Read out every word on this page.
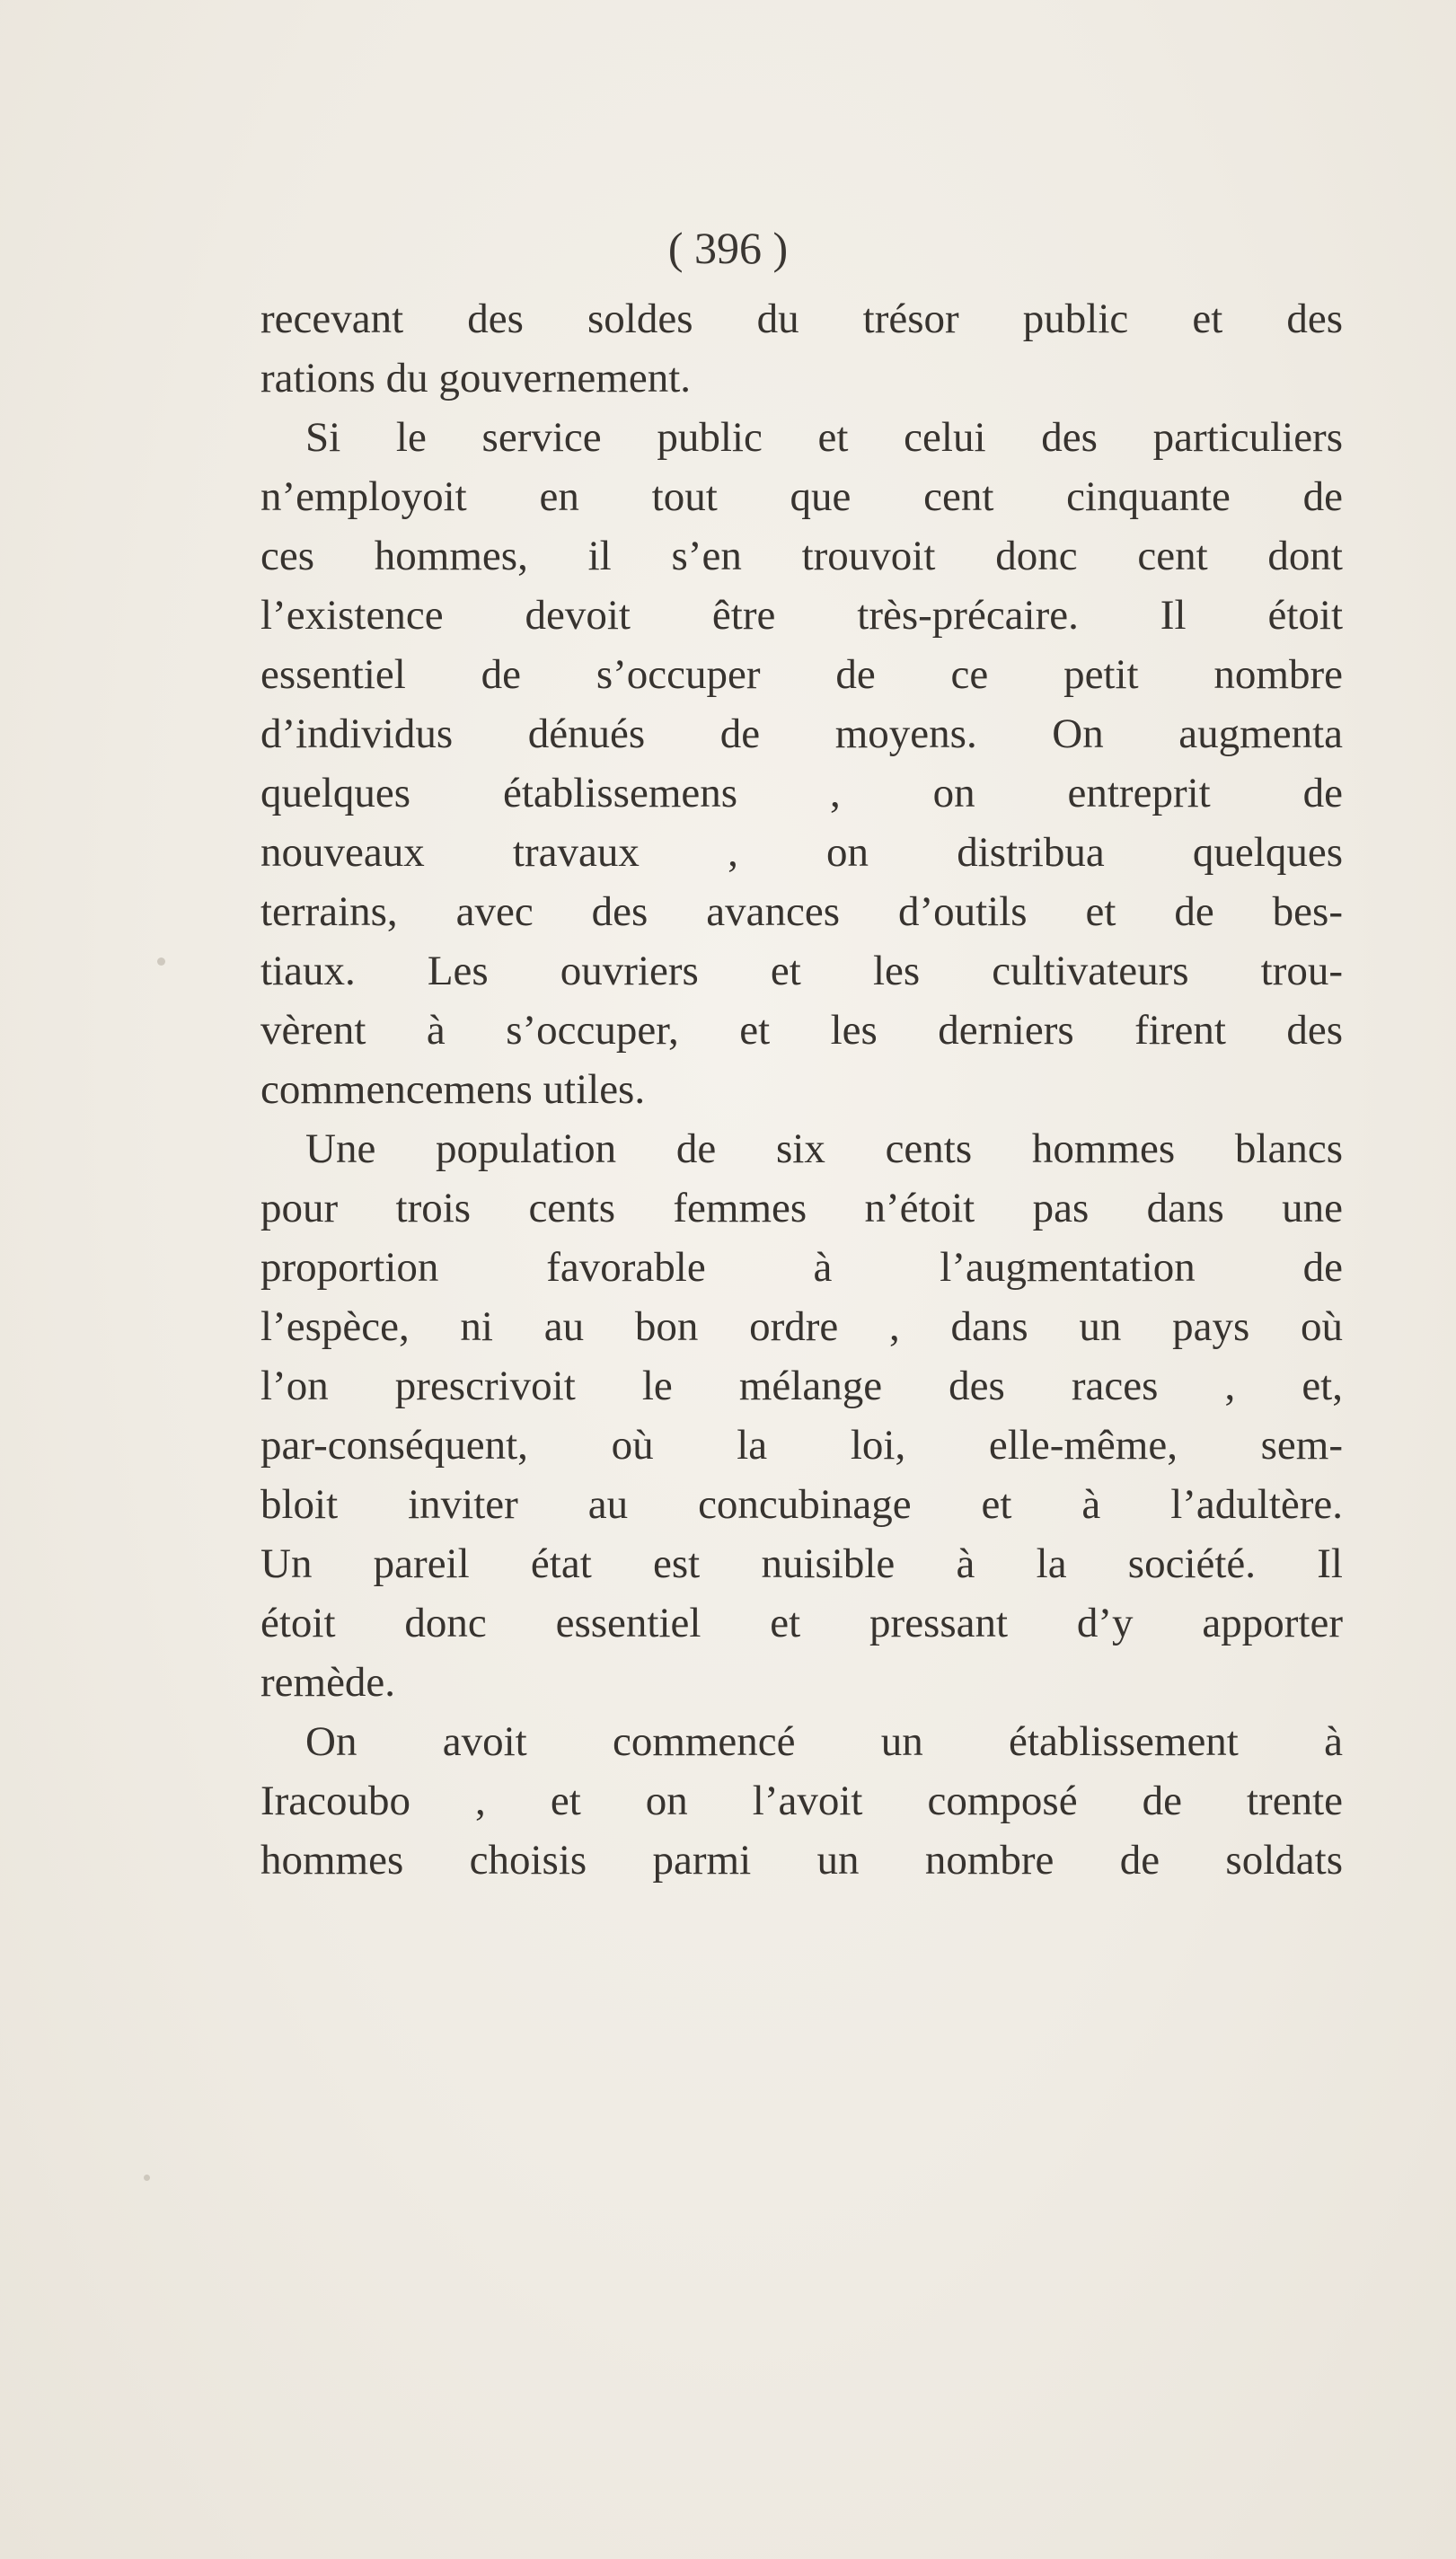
( 396 )
recevant des soldes du trésor public et des
rations du gouvernement.
Si le service public et celui des particuliers
n’employoit en tout que cent cinquante de
ces hommes, il s’en trouvoit donc cent dont
l’existence devoit être très-précaire. Il étoit
essentiel de s’occuper de ce petit nombre
d’individus dénués de moyens. On augmenta
quelques établissemens , on entreprit de
nouveaux travaux , on distribua quelques
terrains, avec des avances d’outils et de bes-
tiaux. Les ouvriers et les cultivateurs trou-
vèrent à s’occuper, et les derniers firent des
commencemens utiles.
Une population de six cents hommes blancs
pour trois cents femmes n’étoit pas dans une
proportion favorable à l’augmentation de
l’espèce, ni au bon ordre , dans un pays où
l’on prescrivoit le mélange des races , et,
par-conséquent, où la loi, elle-même, sem-
bloit inviter au concubinage et à l’adultère.
Un pareil état est nuisible à la société. Il
étoit donc essentiel et pressant d’y apporter
remède.
On avoit commencé un établissement à
Iracoubo , et on l’avoit composé de trente
hommes choisis parmi un nombre de soldats
